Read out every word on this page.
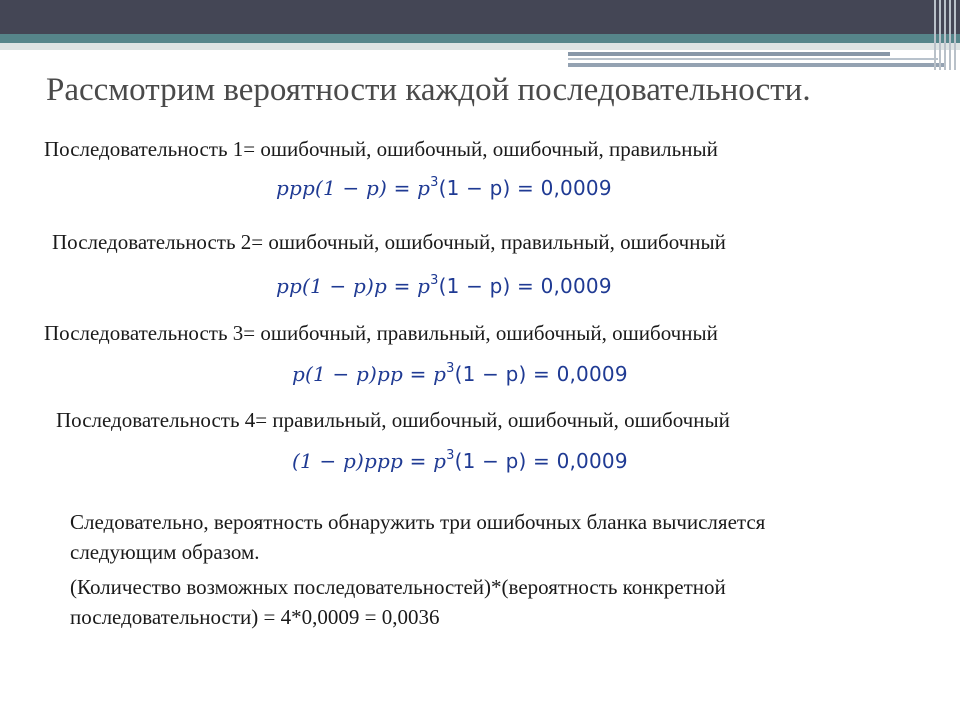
Рассмотрим вероятности каждой последовательности.
Последовательность 1= ошибочный, ошибочный, ошибочный, правильный
$ppp(1 - p) = p^3(1 - p) = 0,0009$
Последовательность 2= ошибочный, ошибочный, правильный, ошибочный
$pp(1 - p)p = p^3(1 - p) = 0,0009$
Последовательность 3= ошибочный, правильный, ошибочный, ошибочный
$p(1 - p)pp = p^3(1 - p) = 0,0009$
Последовательность 4= правильный, ошибочный, ошибочный, ошибочный
$(1 - p)ppp = p^3(1 - p) = 0,0009$
Следовательно, вероятность обнаружить три ошибочных бланка вычисляется следующим образом.
(Количество возможных последовательностей)*(вероятность конкретной последовательности) = 4*0,0009 = 0,0036
